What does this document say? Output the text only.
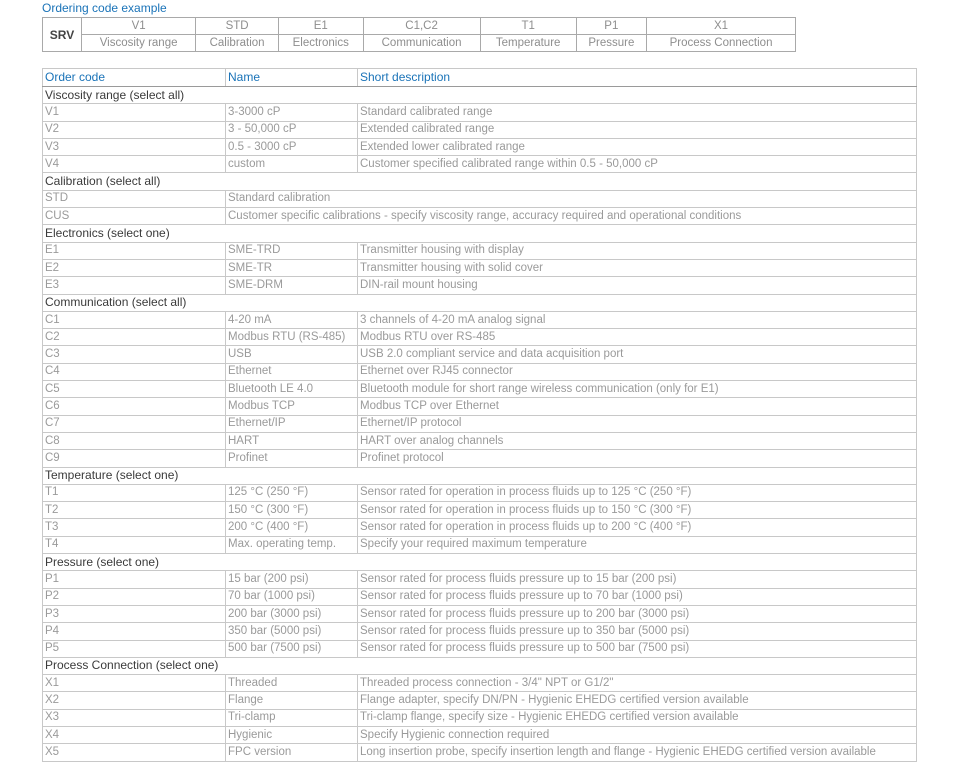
Ordering code example
SRV	V1	STD	E1	C1,C2	T1	P1	X1
	Viscosity range	Calibration	Electronics	Communication	Temperature	Pressure	Process Connection
Order code	Name	Short description
Viscosity range (select all)		
V1	3-3000 cP	Standard calibrated range
V2	3 - 50,000 cP	Extended calibrated range
V3	0.5 - 3000 cP	Extended lower calibrated range
V4	custom	Customer specified calibrated range within 0.5 - 50,000 cP
Calibration (select all)		
STD	Standard calibration	
CUS	Customer specific calibrations - specify viscosity range, accuracy required and operational conditions	
Electronics (select one)		
E1	SME-TRD	Transmitter housing with display
E2	SME-TR	Transmitter housing with solid cover
E3	SME-DRM	DIN-rail mount housing
Communication (select all)		
C1	4-20 mA	3 channels of 4-20 mA analog signal
C2	Modbus RTU (RS-485)	Modbus RTU over RS-485
C3	USB	USB 2.0 compliant service and data acquisition port
C4	Ethernet	Ethernet over RJ45 connector
C5	Bluetooth LE 4.0	Bluetooth module for short range wireless communication (only for E1)
C6	Modbus TCP	Modbus TCP over Ethernet
C7	Ethernet/IP	Ethernet/IP protocol
C8	HART	HART over analog channels
C9	Profinet	Profinet protocol
Temperature (select one)		
T1	125 °C (250 °F)	Sensor rated for operation in process fluids up to 125 °C (250 °F)
T2	150 °C (300 °F)	Sensor rated for operation in process fluids up to 150 °C (300 °F)
T3	200 °C (400 °F)	Sensor rated for operation in process fluids up to 200 °C (400 °F)
T4	Max. operating temp.	Specify your required maximum temperature
Pressure (select one)		
P1	15 bar (200 psi)	Sensor rated for process fluids pressure up to 15 bar (200 psi)
P2	70 bar (1000 psi)	Sensor rated for process fluids pressure up to 70 bar (1000 psi)
P3	200 bar (3000 psi)	Sensor rated for process fluids pressure up to 200 bar (3000 psi)
P4	350 bar (5000 psi)	Sensor rated for process fluids pressure up to 350 bar (5000 psi)
P5	500 bar (7500 psi)	Sensor rated for process fluids pressure up to 500 bar (7500 psi)
Process Connection (select one)		
X1	Threaded	Threaded process connection - 3/4" NPT or G1/2"
X2	Flange	Flange adapter, specify DN/PN - Hygienic EHEDG certified version available
X3	Tri-clamp	Tri-clamp flange, specify size - Hygienic EHEDG certified version available
X4	Hygienic	Specify Hygienic connection required
X5	FPC version	Long insertion probe, specify insertion length and flange - Hygienic EHEDG certified version available
